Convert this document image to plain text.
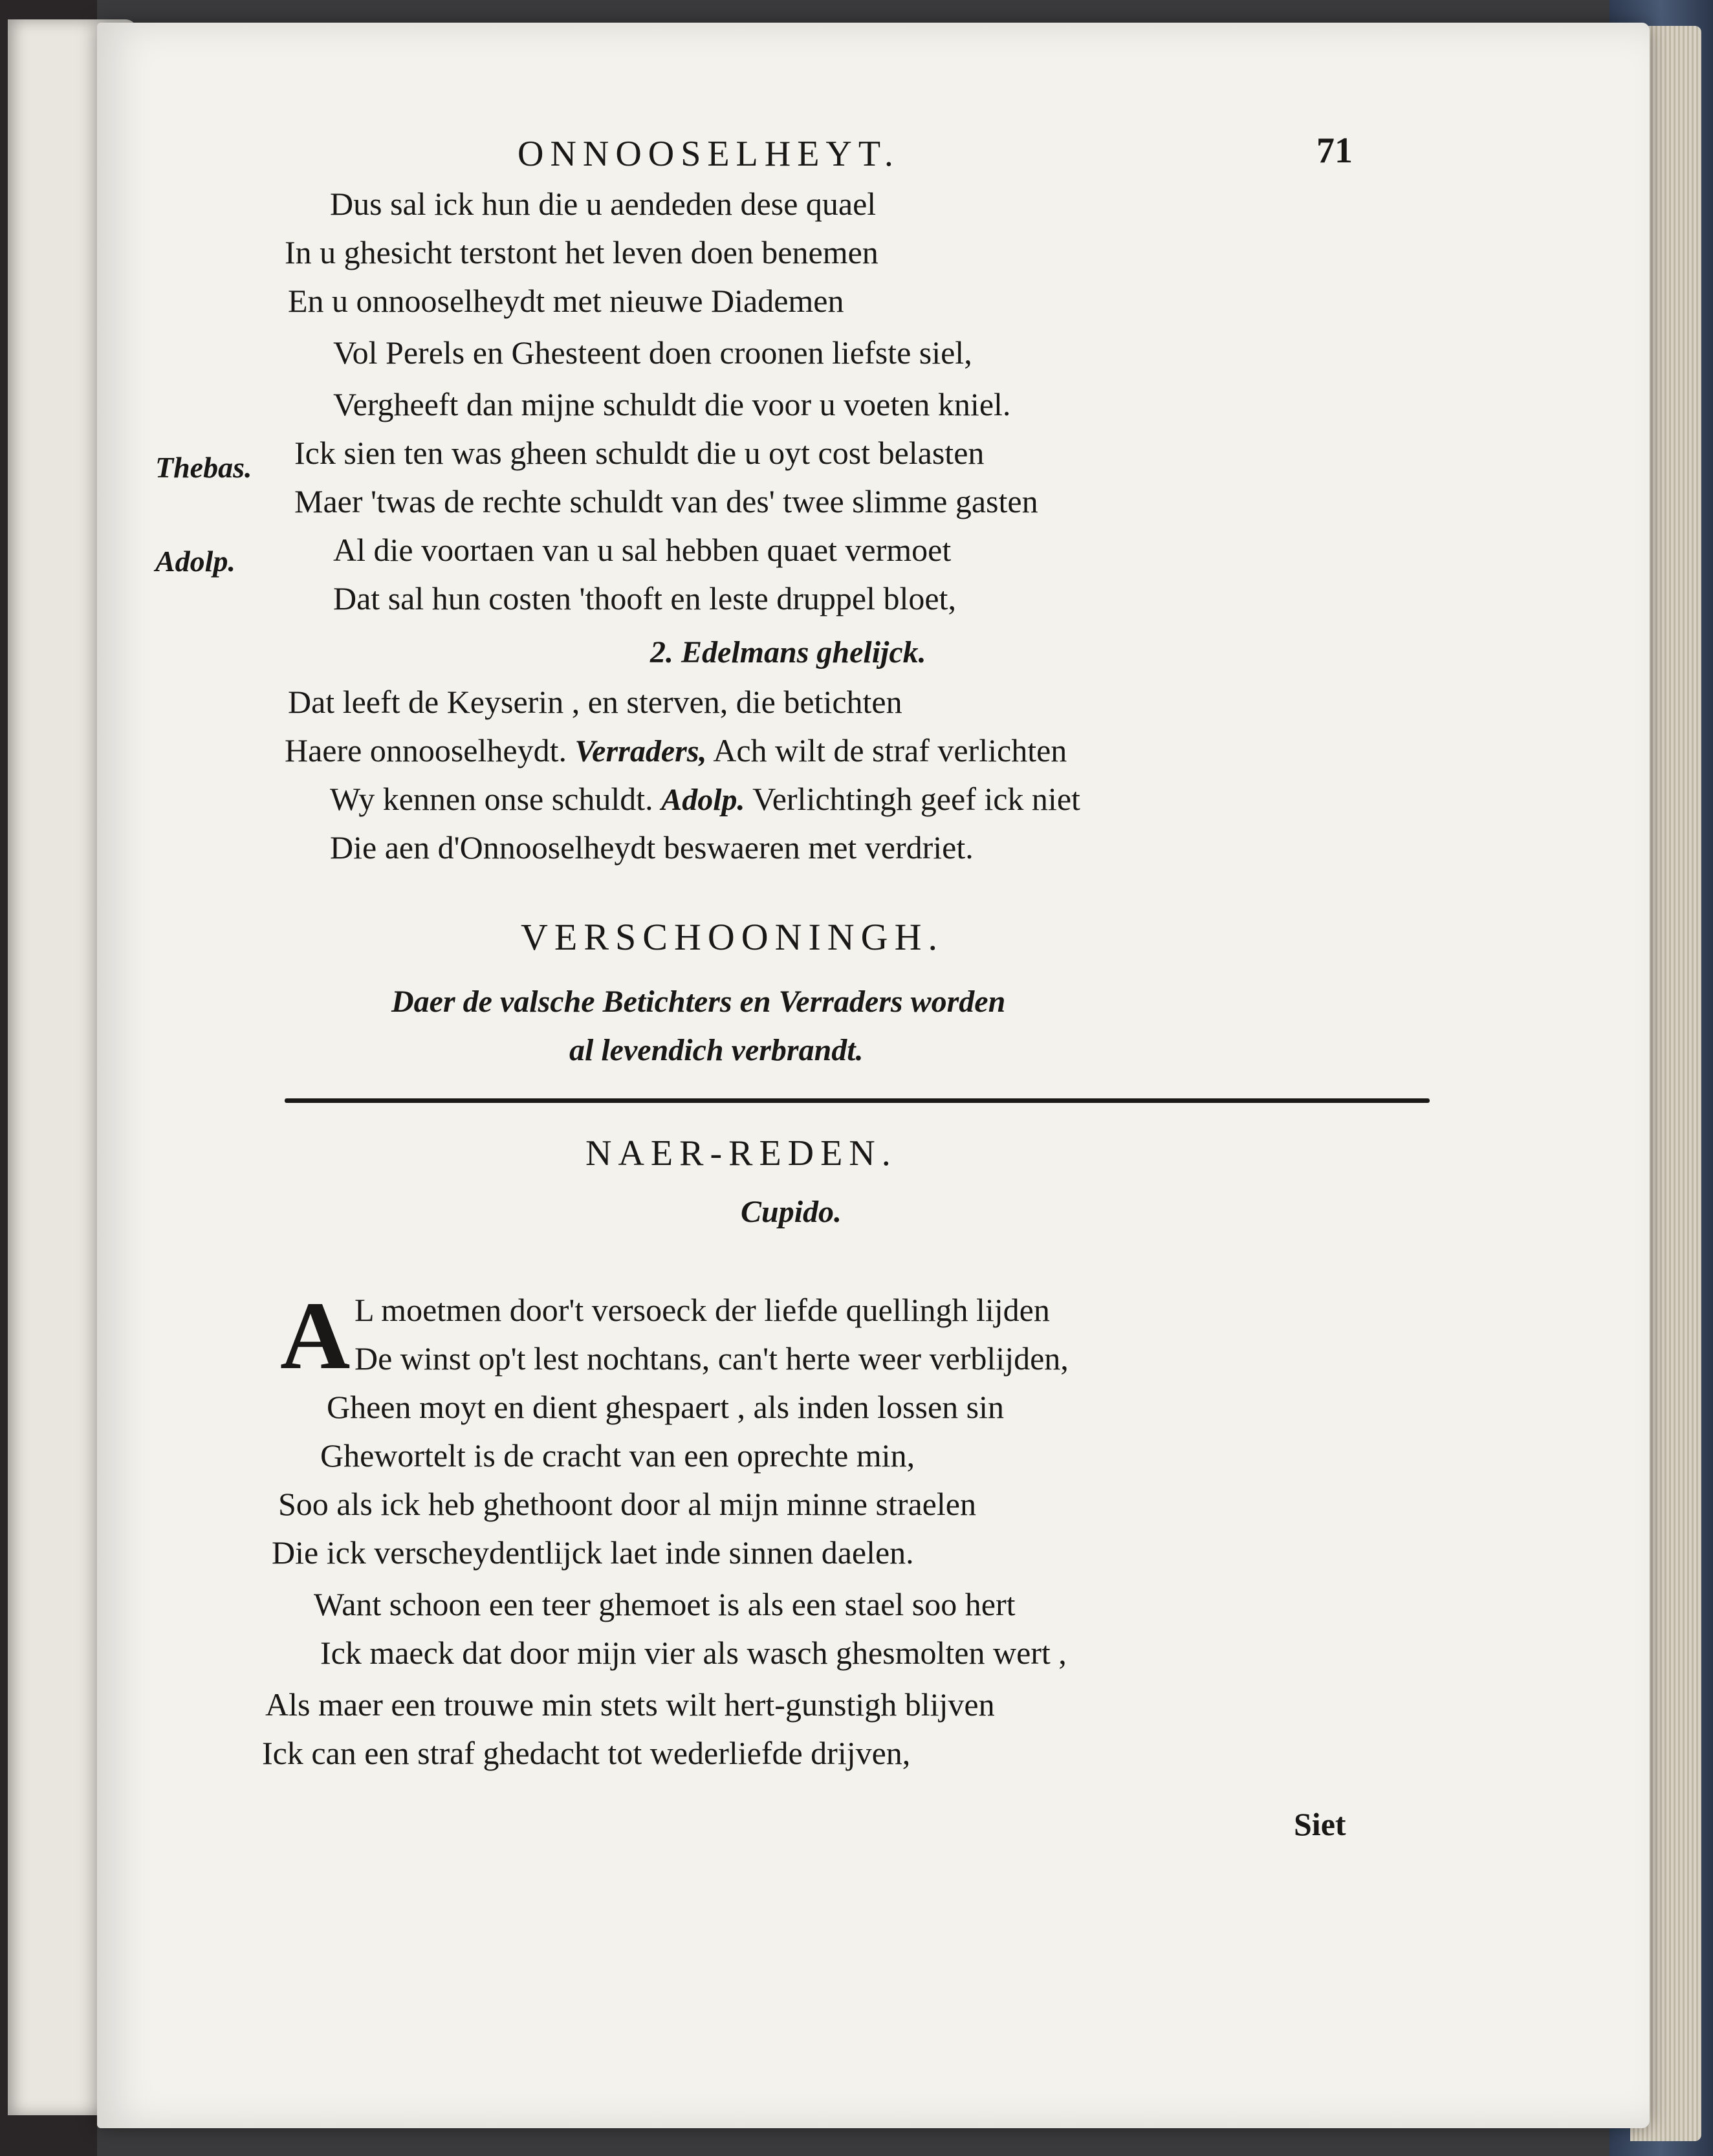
ONNOOSELHEYT.	71
Dus sal ick hun die u aendeden dese quael
In u ghesicht terstont het leven doen benemen
En u onnooselheydt met nieuwe Diademen
Vol Perels en Ghesteent doen croonen liefste siel,
Vergheeft dan mijne schuldt die voor u voeten kniel.
Thebas. Ick sien ten was gheen schuldt die u oyt cost belasten
Maer 'twas de rechte schuldt van des' twee slimme gasten
Adolp.	Al die voortaen van u sal hebben quaet vermoet
Dat sal hun costen 'thooft en leste druppel bloet,
2. Edelmans ghelijck.
Dat leeft de Keyserin , en sterven, die betichten
Haere onnooselheydt. Verraders, Ach wilt de straf verlichten
Wy kennen onse schuldt. Adolp. Verlichtingh geef ick niet
Die aen d'Onnooselheydt beswaeren met verdriet.
VERSCHOONINGH.
Daer de valsche Betichters en Verraders worden
al levendich verbrandt.
NAER-REDEN.
Cupido.
A L moetmen door't versoeck der liefde quellingh lijden
De winst op't lest nochtans, can't herte weer verblijden,
Gheen moyt en dient ghespaert , als inden lossen sin
Ghewortelt is de cracht van een oprechte min,
Soo als ick heb ghethoont door al mijn minne straelen
Die ick verscheydentlijck laet inde sinnen daelen.
Want schoon een teer ghemoet is als een stael soo hert
Ick maeck dat door mijn vier als wasch ghesmolten wert ,
Als maer een trouwe min stets wilt hert-gunstigh blijven
Ick can een straf ghedacht tot wederliefde drijven,
Siet
